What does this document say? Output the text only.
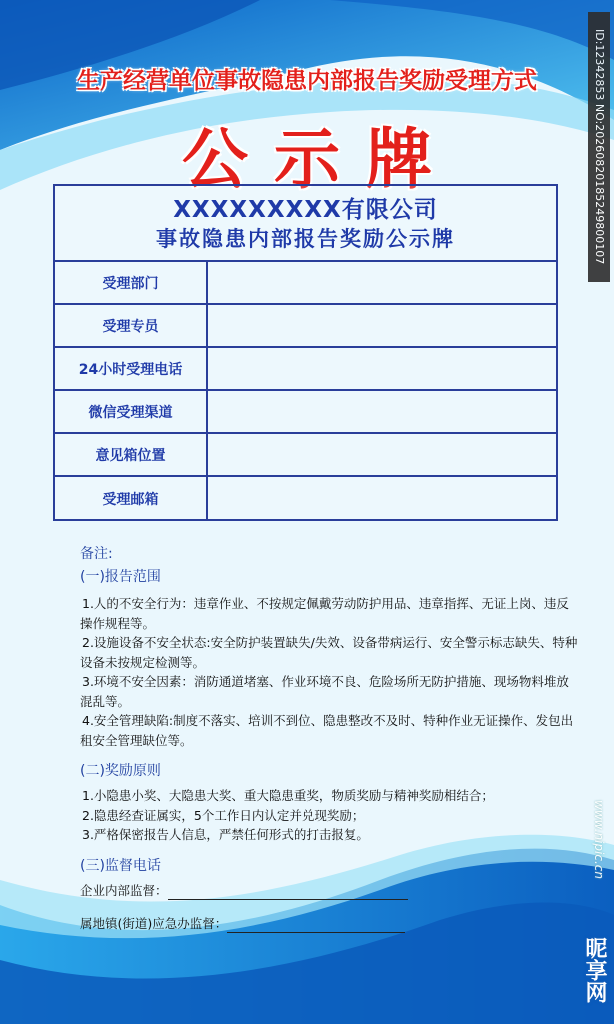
生产经营单位事故隐患内部报告奖励受理方式
公示牌
XXXXXXXXX有限公司
事故隐患内部报告奖励公示牌
受理部门
受理专员
24小时受理电话
微信受理渠道
意见箱位置
受理邮箱
备注:
(一)报告范围
1.人的不安全行为：违章作业、不按规定佩戴劳动防护用品、违章指挥、无证上岗、违反操作规程等。
2.设施设备不安全状态:安全防护装置缺失/失效、设备带病运行、安全警示标志缺失、特种设备未按规定检测等。
3.环境不安全因素：消防通道堵塞、作业环境不良、危险场所无防护措施、现场物料堆放混乱等。
4.安全管理缺陷:制度不落实、培训不到位、隐患整改不及时、特种作业无证操作、发包出租安全管理缺位等。
(二)奖励原则
1.小隐患小奖、大隐患大奖、重大隐患重奖，物质奖励与精神奖励相结合；
2.隐患经查证属实，5个工作日内认定并兑现奖励；
3.严格保密报告人信息，严禁任何形式的打击报复。
(三)监督电话
企业内部监督：
属地镇(街道)应急办监督：
ID:12342853 NO:20260820185249800107
www.nipic.cn
昵享网
